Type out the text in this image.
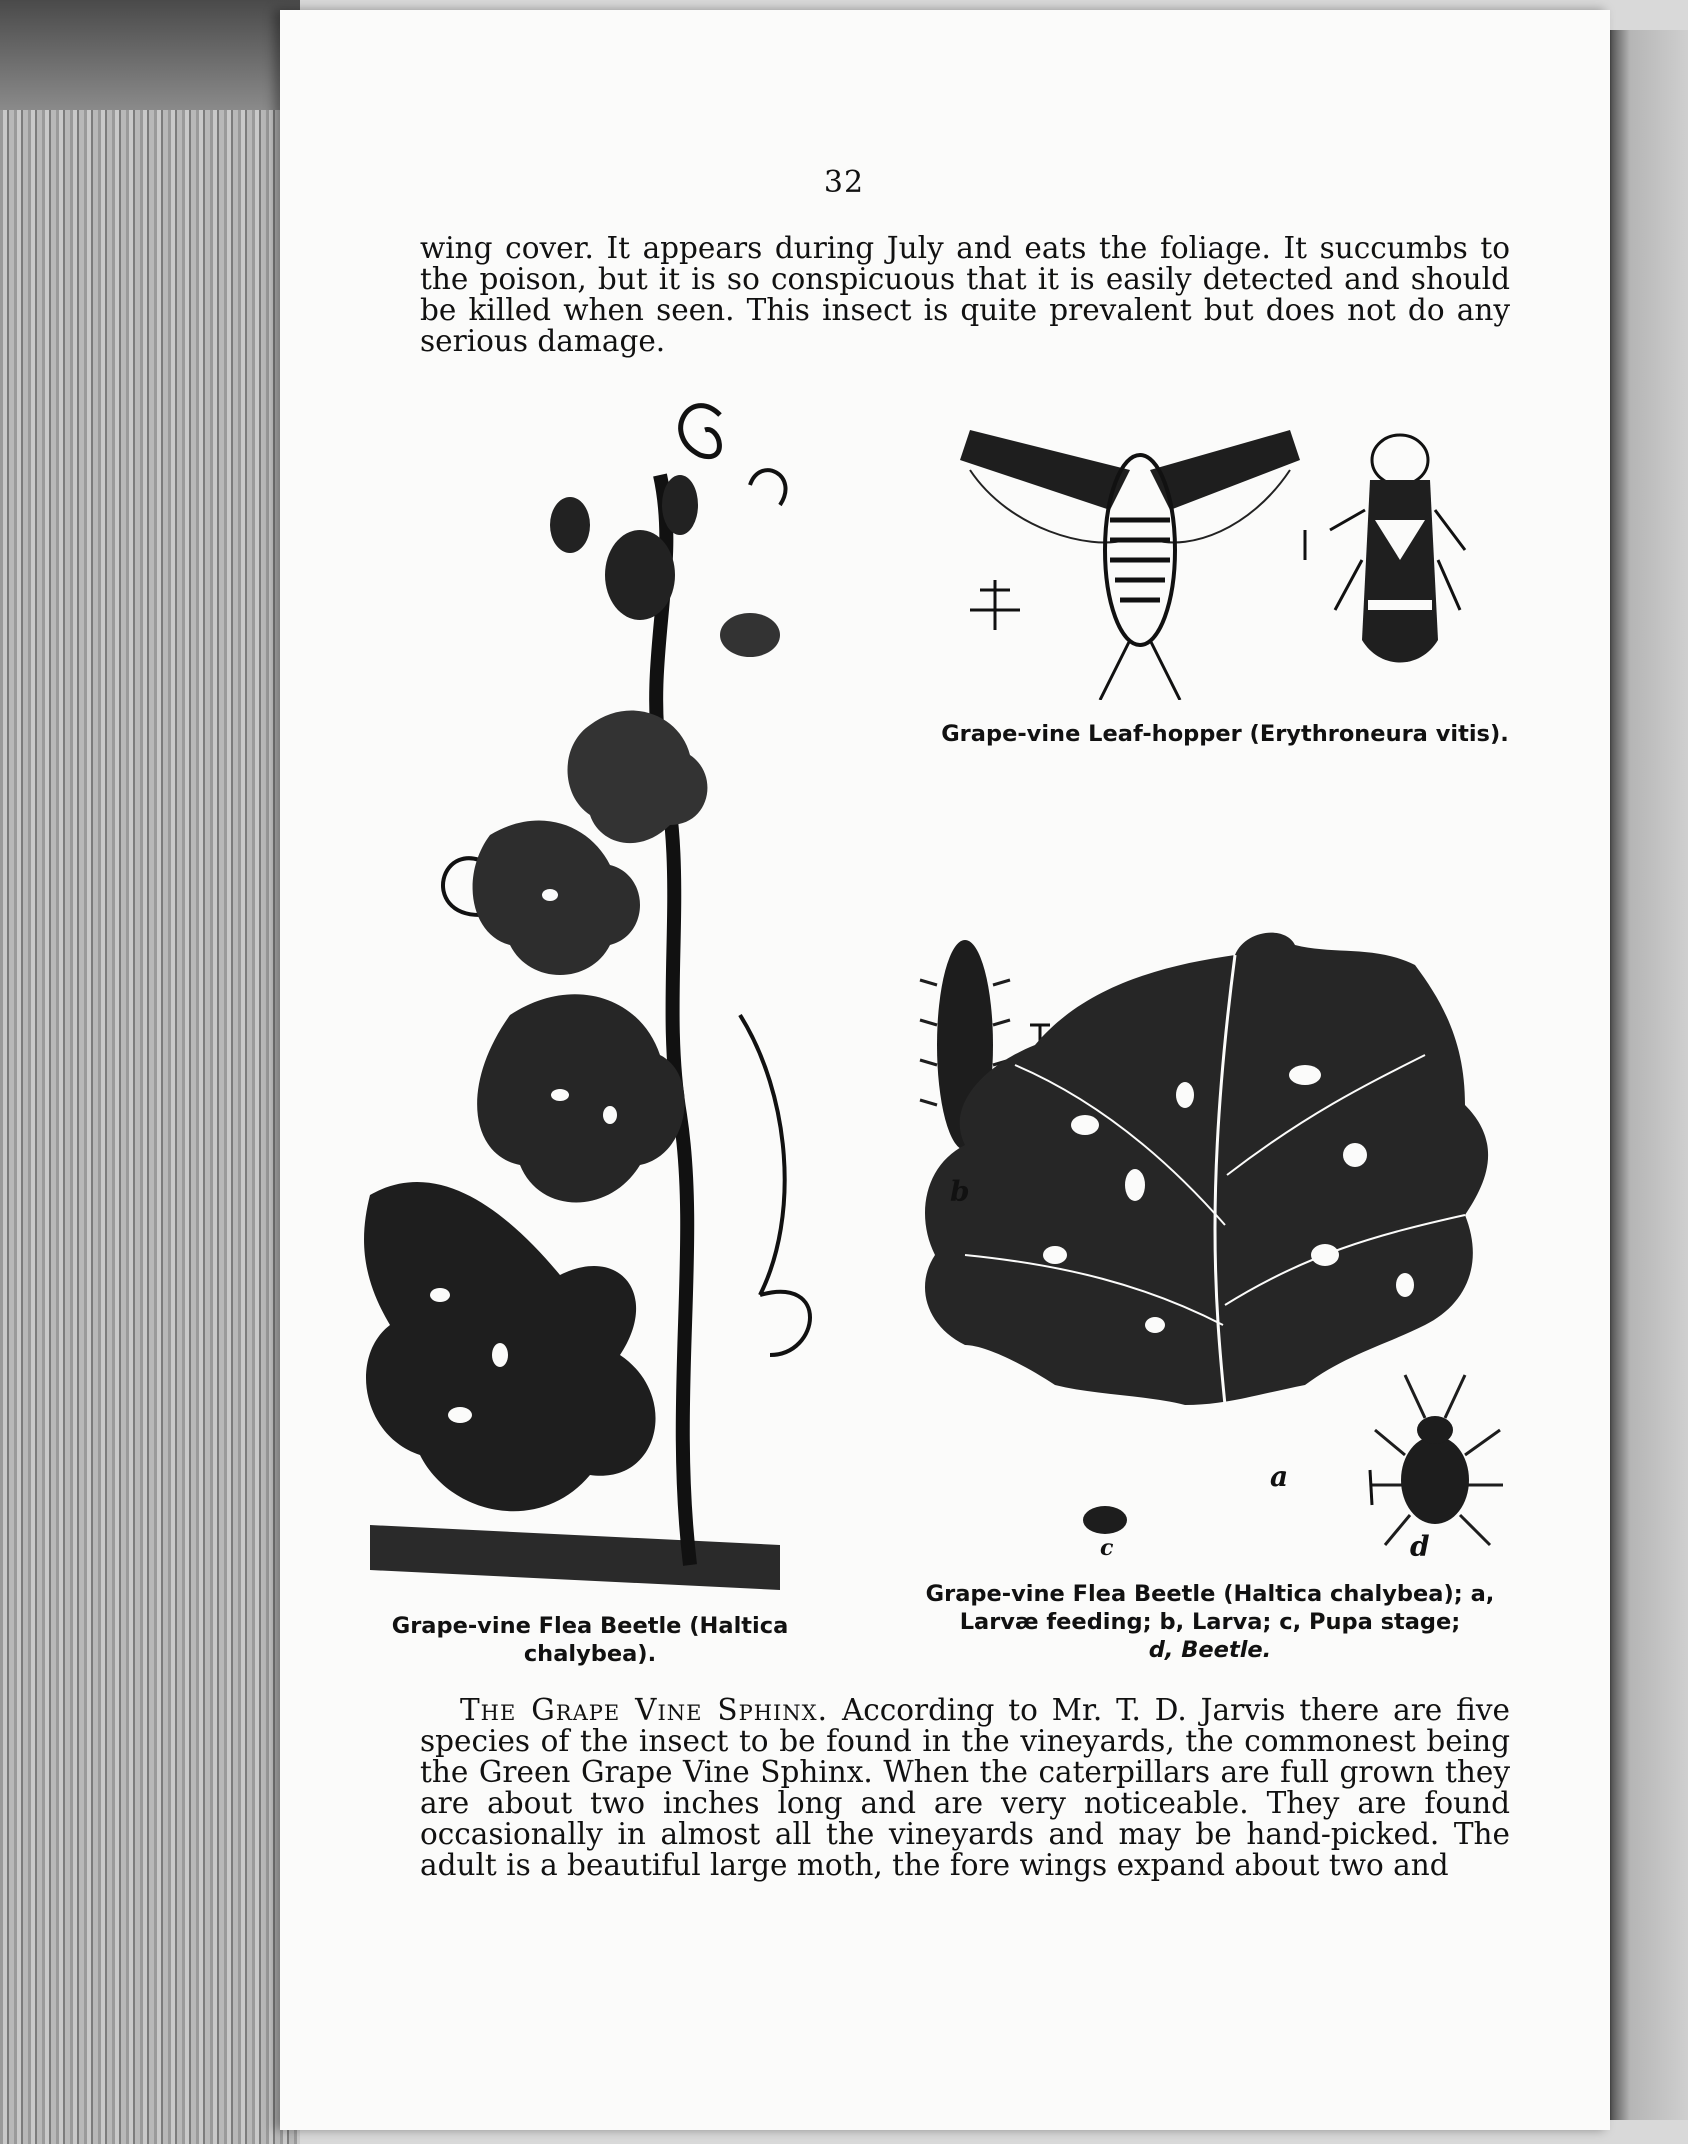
32

wing cover. It appears during July and eats the foliage. It succumbs to the poison, but it is so conspicuous that it is easily detected and should be killed when seen. This insect is quite prevalent but does not do any serious damage.

Grape-vine Leaf-hopper (Erythroneura vitis).

b
a
c	d
Grape-vine Flea Beetle (Haltica
chalybea).
Grape-vine Flea Beetle (Haltica chalybea); a,
Larvæ feeding; b, Larva; c, Pupa stage;
d, Beetle.

The Grape Vine Sphinx. According to Mr. T. D. Jarvis there are five species of the insect to be found in the vineyards, the commonest being the Green Grape Vine Sphinx. When the caterpillars are full grown they are about two inches long and are very noticeable. They are found occasionally in almost all the vineyards and may be hand-picked. The adult is a beautiful large moth, the fore wings expand about two and
